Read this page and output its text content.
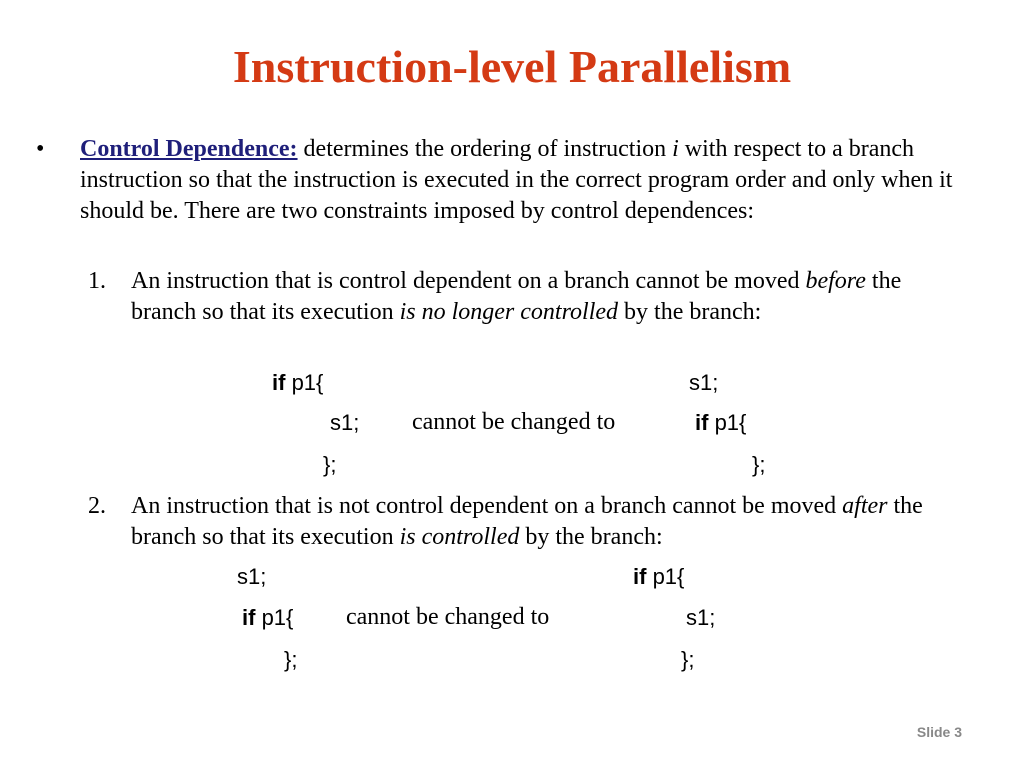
Instruction-level Parallelism
• Control Dependence: determines the ordering of instruction i with respect to a branch instruction so that the instruction is executed in the correct program order and only when it should be. There are two constraints imposed by control dependences:
1. An instruction that is control dependent on a branch cannot be moved before the branch so that its execution is no longer controlled by the branch:
if p1{	s1;
s1; cannot be changed to	if p1{
};	};
2. An instruction that is not control dependent on a branch cannot be moved after the branch so that its execution is controlled by the branch:
s1;	if p1{
if p1{ cannot be changed to	s1;
};	};
Slide 3
